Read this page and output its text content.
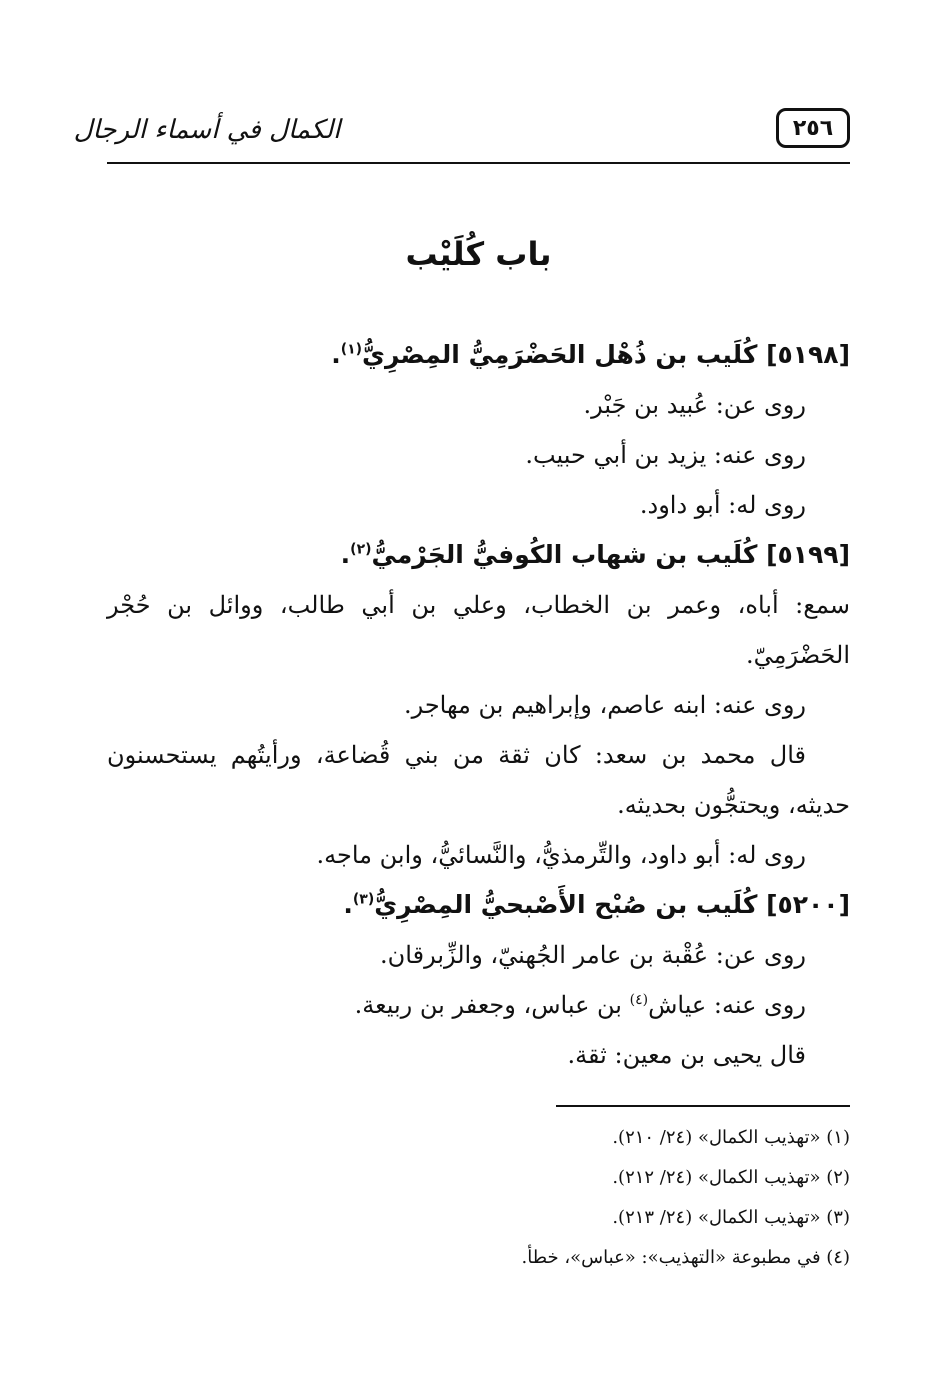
٢٥٦
الكمال في أسماء الرجال
باب كُلَيْب
[٥١٩٨] كُلَيب بن ذُهْل الحَضْرَمِيُّ المِصْرِيُّ$^{(١)}$.
روى عن: عُبيد بن جَبْر.
روى عنه: يزيد بن أبي حبيب.
روى له: أبو داود.
[٥١٩٩] كُلَيب بن شهاب الكُوفيُّ الجَرْميُّ$^{(٢)}$.
سمع: أباه، وعمر بن الخطاب، وعلي بن أبي طالب، ووائل بن حُجْر
الحَضْرَمِيّ.
روى عنه: ابنه عاصم، وإبراهيم بن مهاجر.
قال محمد بن سعد: كان ثقة من بني قُضاعة، ورأيتُهم يستحسنون
حديثه، ويحتجُّون بحديثه.
روى له: أبو داود، والتِّرمذيُّ، والنَّسائيُّ، وابن ماجه.
[٥٢٠٠] كُلَيب بن صُبْح الأَصْبحيُّ المِصْرِيُّ$^{(٣)}$.
روى عن: عُقْبة بن عامر الجُهنيّ، والزِّبرقان.
روى عنه: عياش$^{(٤)}$ بن عباس، وجعفر بن ربيعة.
قال يحيى بن معين: ثقة.
(١) «تهذيب الكمال» (٢٤/ ٢١٠).
(٢) «تهذيب الكمال» (٢٤/ ٢١٢).
(٣) «تهذيب الكمال» (٢٤/ ٢١٣).
(٤) في مطبوعة «التهذيب»: «عباس»، خطأ.
